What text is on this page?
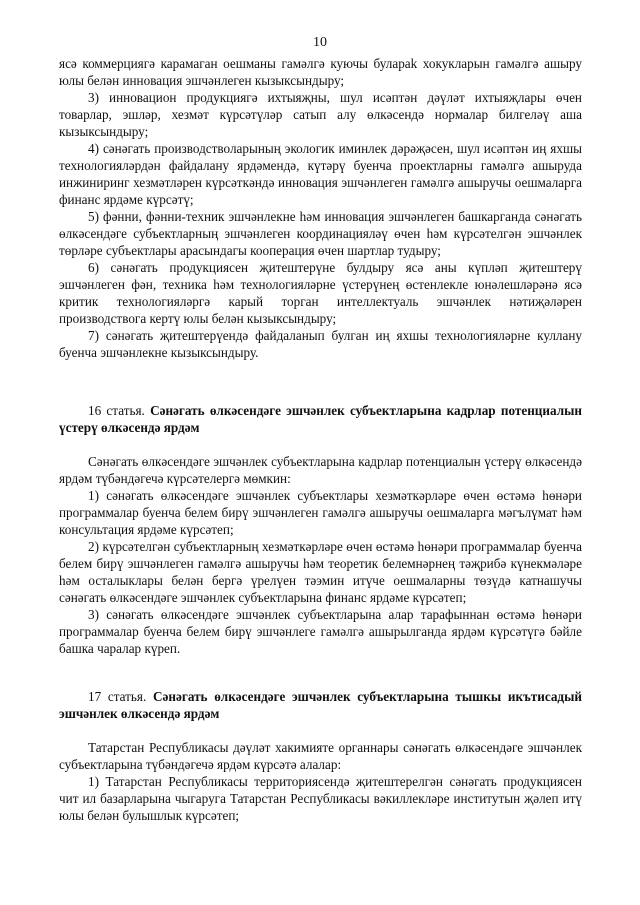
10

ясә коммерциягә карамаган оешманы гамәлгә куючы булараk хокукларын гамәлгә ашыру юлы белән инновация эшчәнлеген кызыксындыру;

3) инновацион продукциягә ихтыяҗны, шул исәптән дәүләт ихтыяҗлары өчен товарлар, эшләр, хезмәт күрсәтүләр сатып алу өлкәсендә нормалар билгеләү аша кызыксындыру;

4) сәнәгать производстволарының экологик иминлек дәрәҗәсен, шул исәптән иң яхшы технологияләрдән файдалану ярдәмендә, күтәрү буенча проектларны гамәлгә ашыруда инжиниринг хезмәтләрен күрсәткәндә инновация эшчәнлеген гамәлгә ашыручы оешмаларга финанс ярдәме күрсәтү;

5) фәнни, фәнни-техник эшчәнлекне һәм инновация эшчәнлеген башкарганда сәнәгать өлкәсендәге субъектларның эшчәнлеген координацияләү өчен һәм күрсәтелгән эшчәнлек төрләре субъектлары арасындагы кооперация өчен шартлар тудыру;

6) сәнәгать продукциясен җитештерүне булдыру ясә аны күпләп җитештерү эшчәнлеген фән, техника һәм технологияләрне үстерүнең өстенлекле юнәлешләрәнә ясә критик технологияләргә карый торган интеллектуаль эшчәнлек нәтиҗәләрен производствога кертү юлы белән кызыксындыру;

7) сәнәгать җитештерүендә файдаланып булган иң яхшы технологияләрне куллану буенча эшчәнлекне кызыксындыру.

16 статья. Сәнәгать өлкәсендәге эшчәнлек субъектларына кадрлар потенциалын үстерү өлкәсендә ярдәм

Сәнәгать өлкәсендәге эшчәнлек субъектларына кадрлар потенциалын үстерү өлкәсендә ярдәм түбәндәгечә күрсәтелергә мөмкин:

1) сәнәгать өлкәсендәге эшчәнлек субъектлары хезмәткәрләре өчен өстәмә һөнәри программалар буенча белем бирү эшчәнлеген гамәлгә ашыручы оешмаларга мәгълүмат һәм консультация ярдәме күрсәтеп;

2) күрсәтелгән субъектларның хезмәткәрләре өчен өстәмә һөнәри программалар буенча белем бирү эшчәнлеген гамәлгә ашыручы һәм теоретик белемнәрнең тәҗрибә күнекмәләре һәм осталыклары белән бергә үрелүен тәэмин итүче оешмаларны төзүдә катнашучы сәнәгать өлкәсендәге эшчәнлек субъектларына финанс ярдәме күрсәтеп;

3) сәнәгать өлкәсендәге эшчәнлек субъектларына алар тарафыннан өстәмә һөнәри программалар буенча белем бирү эшчәнлеге гамәлгә ашырылганда ярдәм күрсәтүгә бәйле башка чаралар күреп.

17 статья. Сәнәгать өлкәсендәге эшчәнлек субъектларына тышкы икътисадый эшчәнлек өлкәсендә ярдәм

Татарстан Республикасы дәүләт хакимияте органнары сәнәгать өлкәсендәге эшчәнлек субъектларына түбәндәгечә ярдәм күрсәтә алалар:

1) Татарстан Республикасы территориясендә җитештерелгән сәнәгать продукциясен чит ил базарларына чыгаруга Татарстан Республикасы вәкиллекләре институтын җәлеп итү юлы белән булышлык күрсәтеп;
